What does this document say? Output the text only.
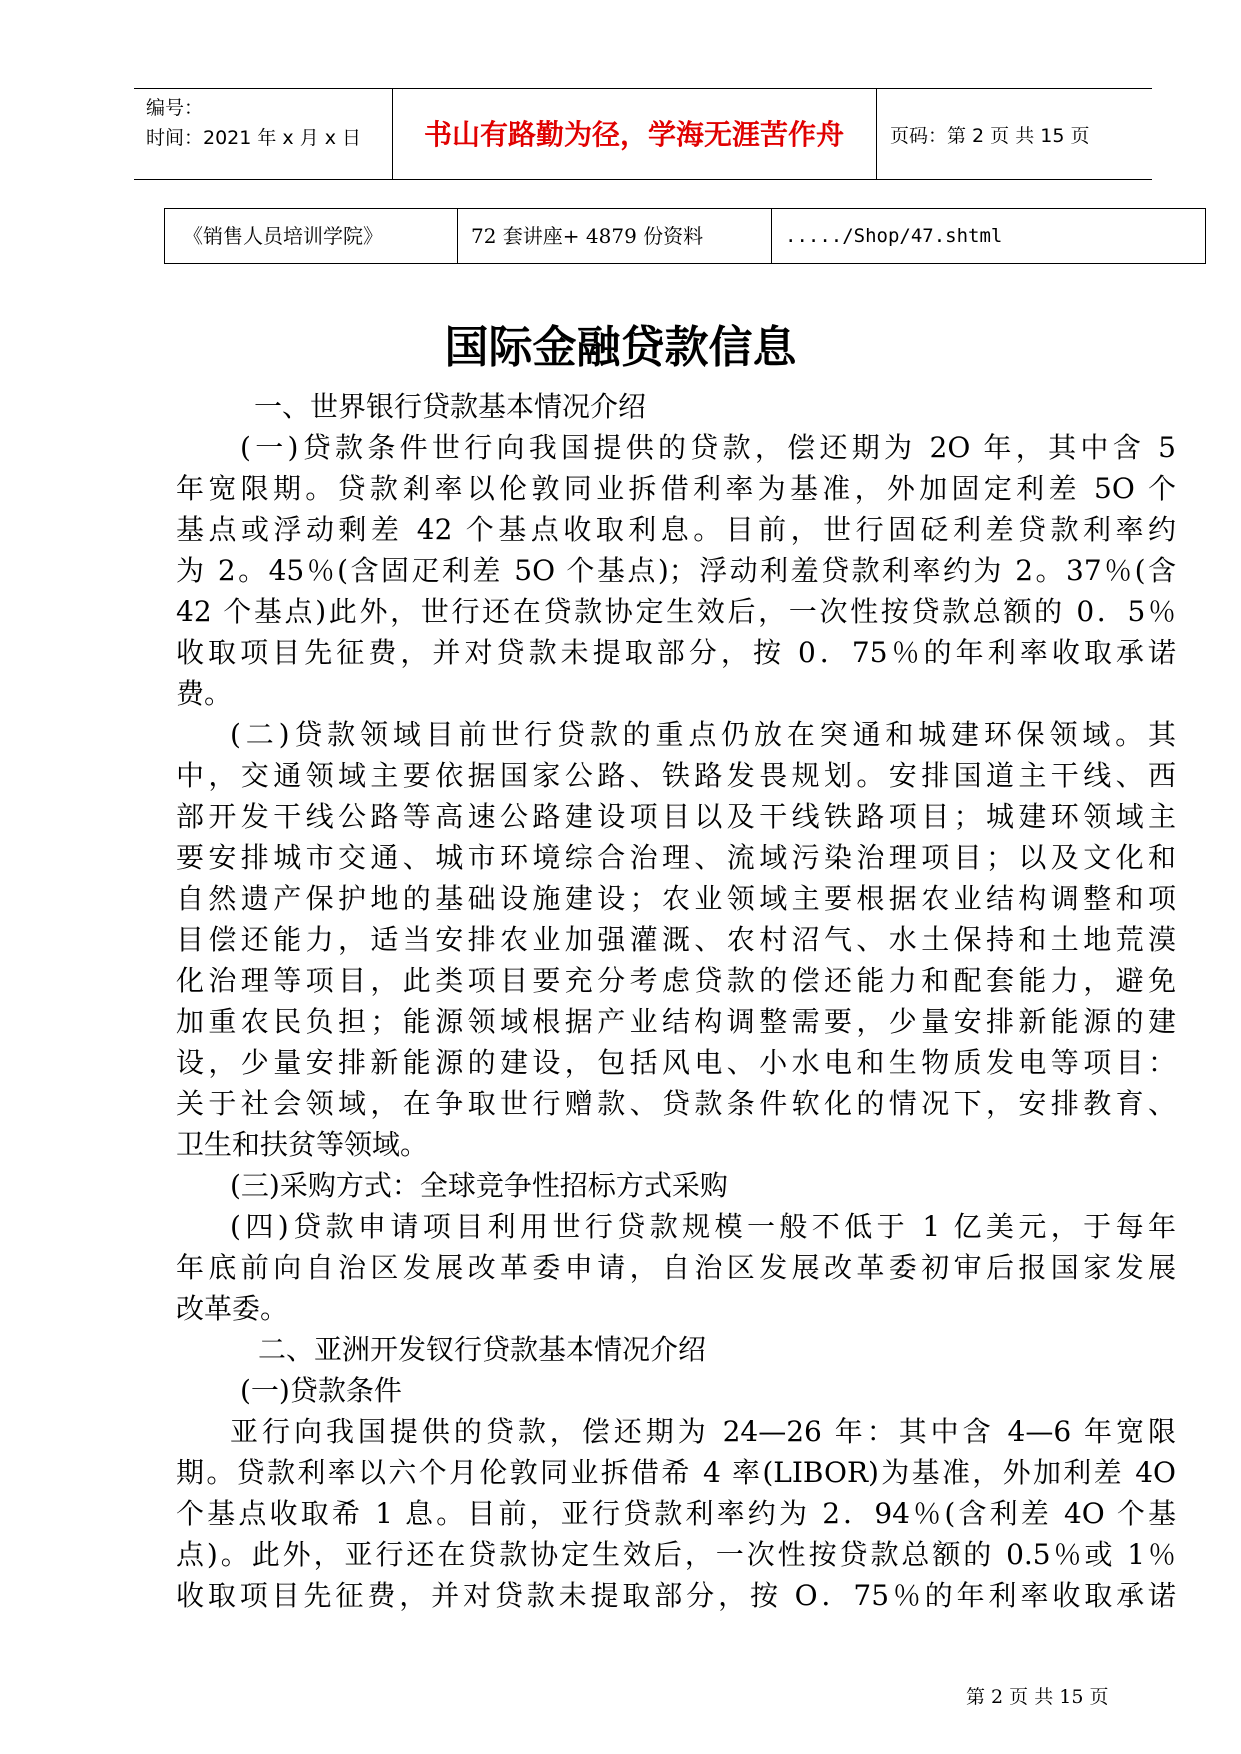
编号：
时间：2021 年 x 月 x 日	书山有路勤为径，学海无涯苦作舟	页码：第 2 页 共 15 页
《销售人员培训学院》	72 套讲座+ 4879 份资料	...../Shop/47.shtml
国际金融贷款信息
一、世界银行贷款基本情况介绍
(一)贷款条件世行向我国提供的贷款，偿还期为 2O 年，其中含 5
年宽限期。贷款剎率以伦敦同业拆借利率为基准，外加固定利差 5O 个
基点或浮动剩差 42 个基点收取利息。目前，世行固砭利差贷款利率约
为 2。45％(含固疋利差 5O 个基点)；浮动利羞贷款利率约为 2。37％(含
42 个基点)此外，世行还在贷款协定生效后，一次性按贷款总额的 0．5％
收取项目先征费，并对贷款未提取部分，按 0．75％的年利率收取承诺
费。
(二)贷款领域目前世行贷款的重点仍放在突通和城建环保领域。其
中，交通领域主要依据国家公路、铁路发畏规划。安排国道主干线、西
部开发干线公路等高速公路建设项目以及干线铁路项目；城建环领域主
要安排城市交通、城市环境综合治理、流域污染治理项目；以及文化和
自然遗产保护地的基础设施建设；农业领域主要根据农业结构调整和项
目偿还能力，适当安排农业加强灌溉、农村沼气、水土保持和土地荒漠
化治理等项目，此类项目要充分考虑贷款的偿还能力和配套能力，避免
加重农民负担；能源领域根据产业结构调整需要，少量安排新能源的建
设，少量安排新能源的建设，包括风电、小水电和生物质发电等项目：
关于社会领域，在争取世行赠款、贷款条件软化的情况下，安排教育、
卫生和扶贫等领域。
(三)采购方式：全球竞争性招标方式采购
(四)贷款申请项目利用世行贷款规模一般不低于 1 亿美元，于每年
年底前向自治区发展改革委申请，自治区发展改革委初审后报国家发展
改革委。
二、亚洲开发钗行贷款基本情况介绍
(一)贷款条件
亚行向我国提供的贷款，偿还期为 24—26 年：其中含 4—6 年宽限
期。贷款利率以六个月伦敦同业拆借希 4 率(LIBOR)为基准，外加利差 4O
个基点收取希 1 息。目前，亚行贷款利率约为 2．94％(含利差 4O 个基
点)。此外，亚行还在贷款协定生效后，一次性按贷款总额的 0.5％或 1％
收取项目先征费，并对贷款未提取部分，按 O．75％的年利率收取承诺
第 2 页 共 15 页
